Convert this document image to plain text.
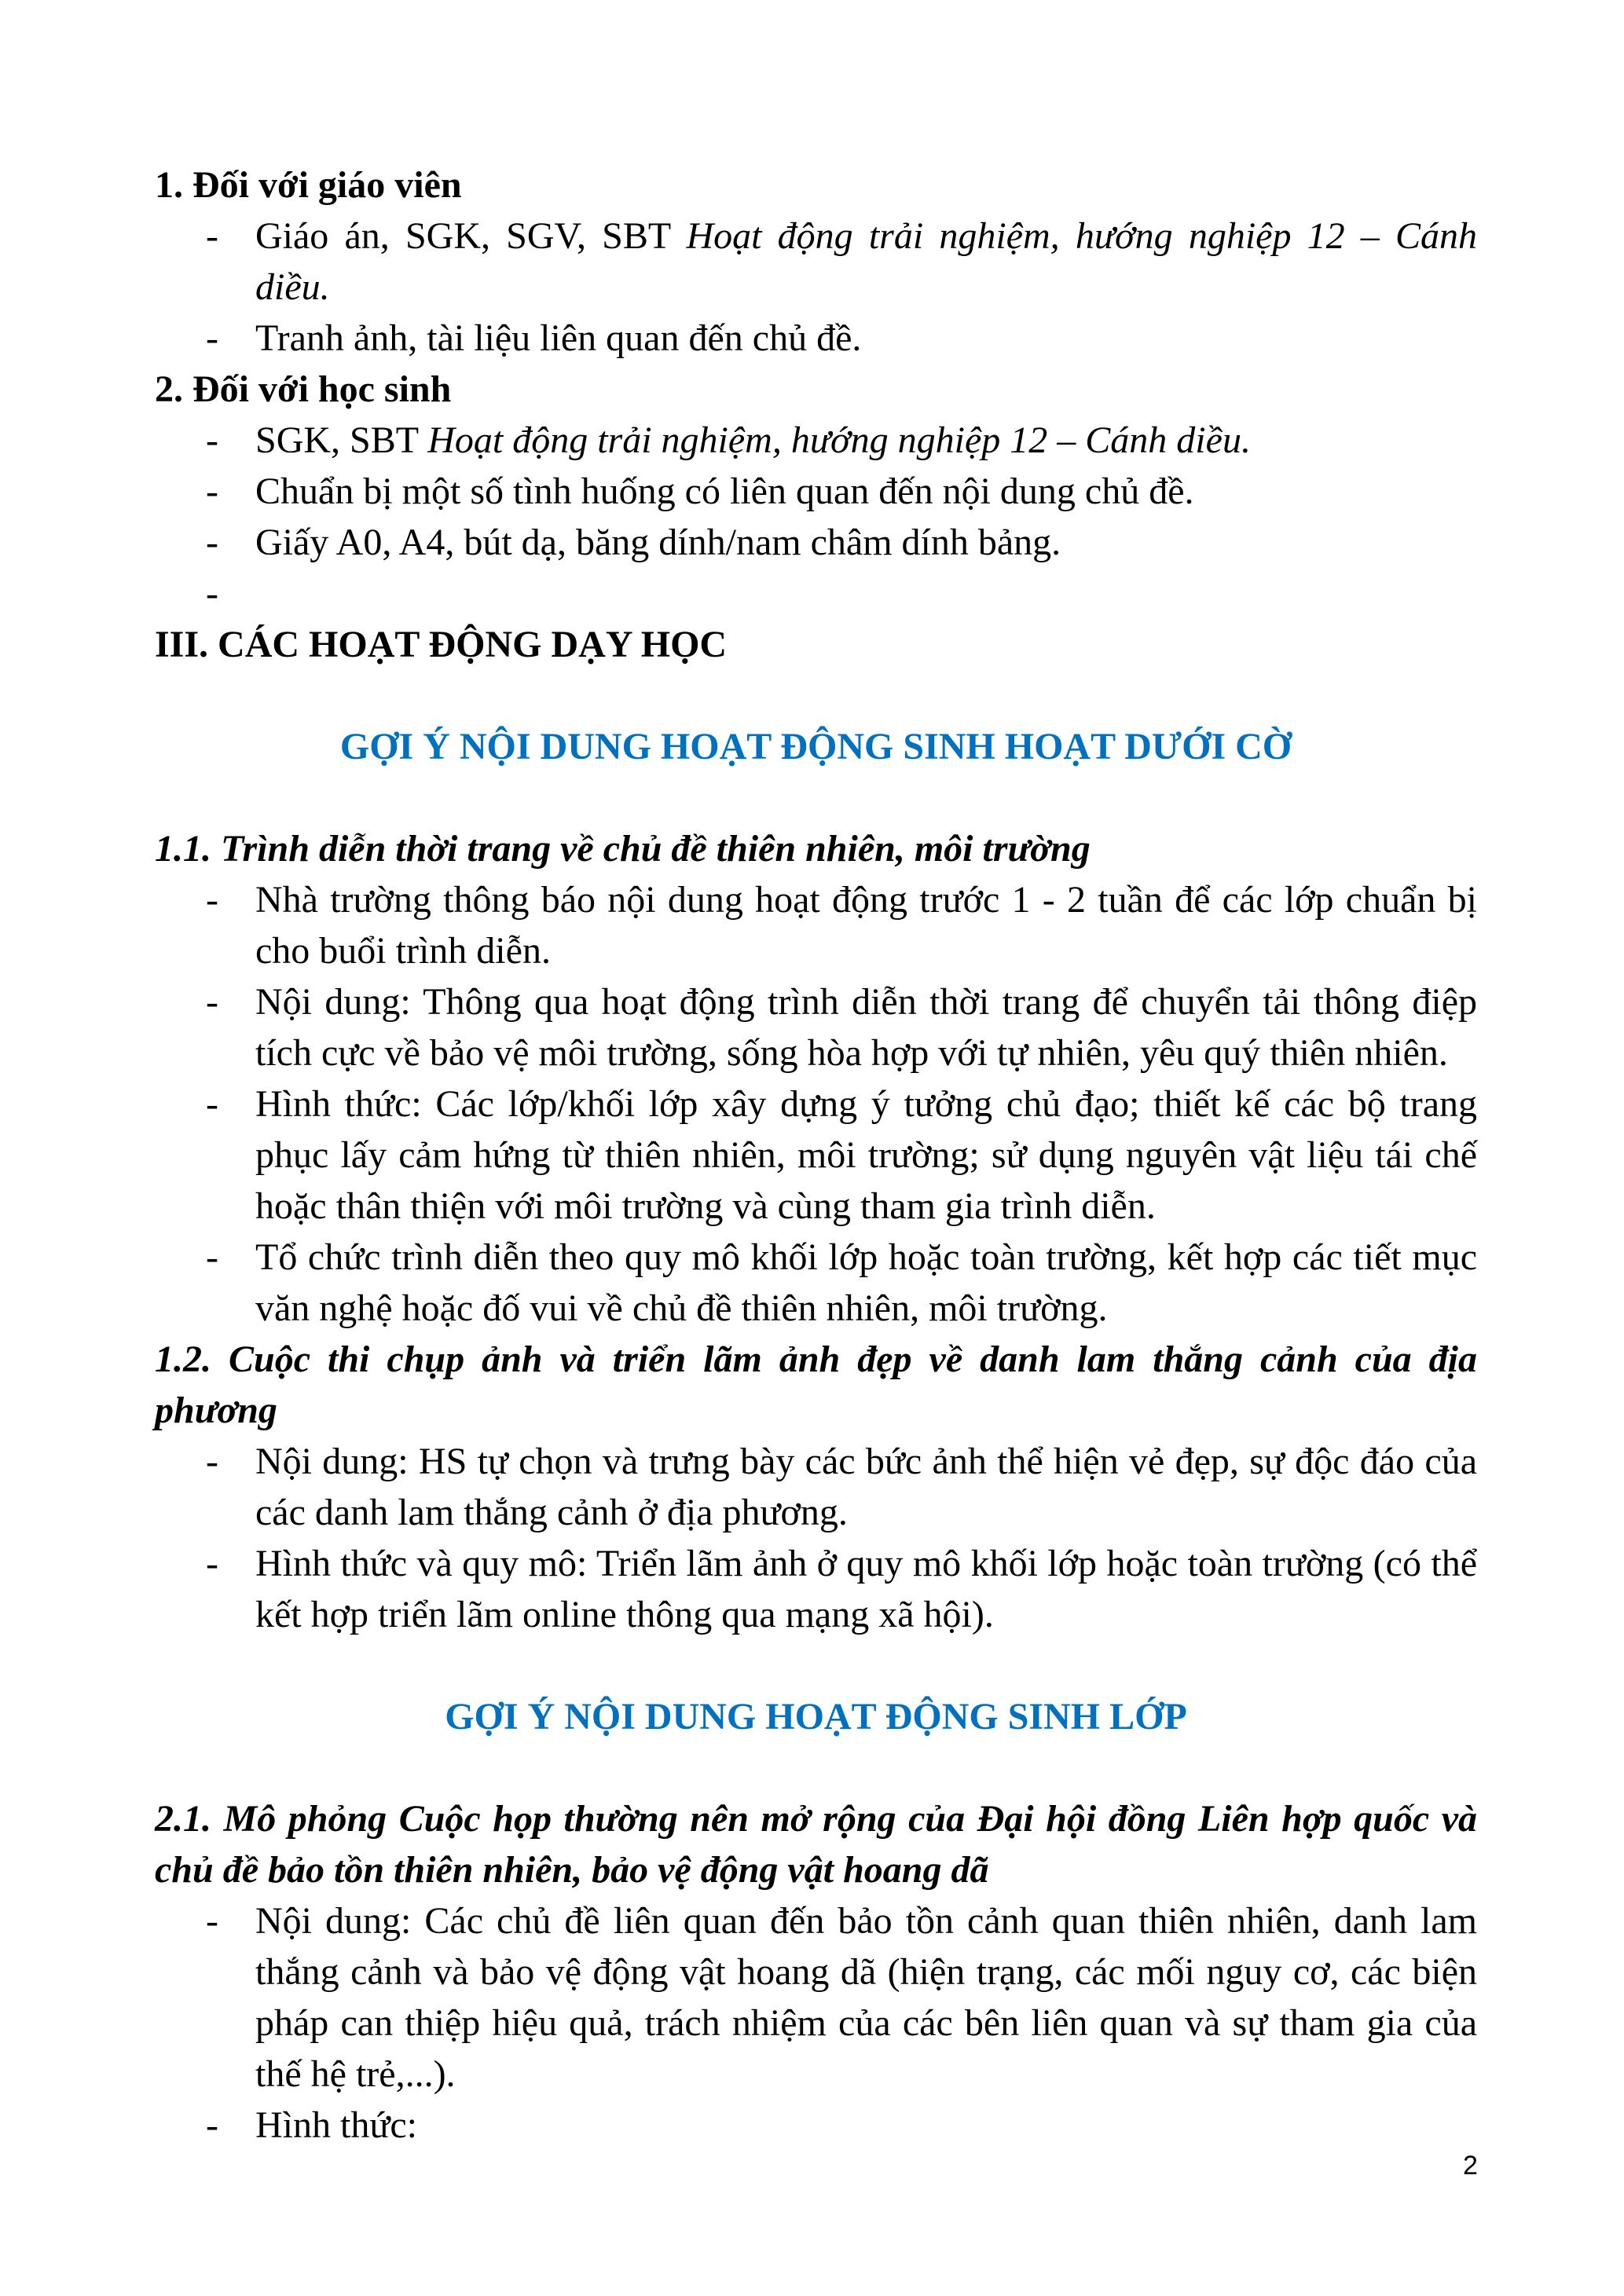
1. Đối với giáo viên

- Giáo án, SGK, SGV, SBT Hoạt động trải nghiệm, hướng nghiệp 12 – Cánh diều.
- Tranh ảnh, tài liệu liên quan đến chủ đề.

2. Đối với học sinh

- SGK, SBT Hoạt động trải nghiệm, hướng nghiệp 12 – Cánh diều.
- Chuẩn bị một số tình huống có liên quan đến nội dung chủ đề.
- Giấy A0, A4, bút dạ, băng dính/nam châm dính bảng.
-

III. CÁC HOẠT ĐỘNG DẠY HỌC

GỢI Ý NỘI DUNG HOẠT ĐỘNG SINH HOẠT DƯỚI CỜ

1.1. Trình diễn thời trang về chủ đề thiên nhiên, môi trường

- Nhà trường thông báo nội dung hoạt động trước 1 - 2 tuần để các lớp chuẩn bị cho buổi trình diễn.
- Nội dung: Thông qua hoạt động trình diễn thời trang để chuyển tải thông điệp tích cực về bảo vệ môi trường, sống hòa hợp với tự nhiên, yêu quý thiên nhiên.
- Hình thức: Các lớp/khối lớp xây dựng ý tưởng chủ đạo; thiết kế các bộ trang phục lấy cảm hứng từ thiên nhiên, môi trường; sử dụng nguyên vật liệu tái chế hoặc thân thiện với môi trường và cùng tham gia trình diễn.
- Tổ chức trình diễn theo quy mô khối lớp hoặc toàn trường, kết hợp các tiết mục văn nghệ hoặc đố vui về chủ đề thiên nhiên, môi trường.

1.2. Cuộc thi chụp ảnh và triển lãm ảnh đẹp về danh lam thắng cảnh của địa phương

- Nội dung: HS tự chọn và trưng bày các bức ảnh thể hiện vẻ đẹp, sự độc đáo của các danh lam thắng cảnh ở địa phương.
- Hình thức và quy mô: Triển lãm ảnh ở quy mô khối lớp hoặc toàn trường (có thể kết hợp triển lãm online thông qua mạng xã hội).

GỢI Ý NỘI DUNG HOẠT ĐỘNG SINH LỚP

2.1. Mô phỏng Cuộc họp thường nên mở rộng của Đại hội đồng Liên hợp quốc và chủ đề bảo tồn thiên nhiên, bảo vệ động vật hoang dã

- Nội dung: Các chủ đề liên quan đến bảo tồn cảnh quan thiên nhiên, danh lam thắng cảnh và bảo vệ động vật hoang dã (hiện trạng, các mối nguy cơ, các biện pháp can thiệp hiệu quả, trách nhiệm của các bên liên quan và sự tham gia của thế hệ trẻ,...).
- Hình thức:
2
